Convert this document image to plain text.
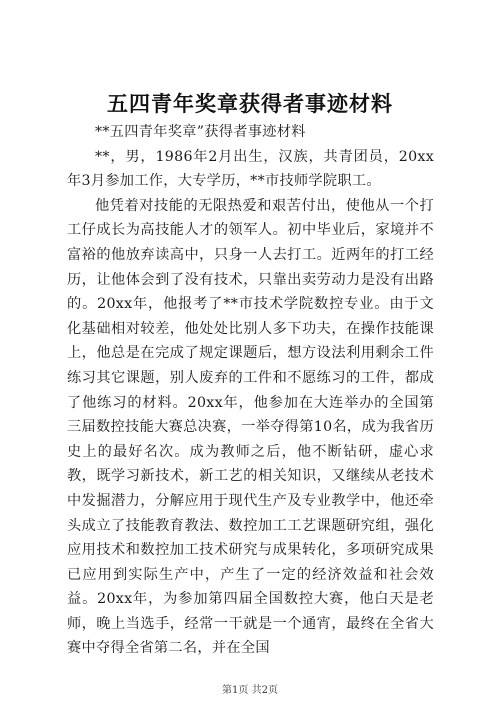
五四青年奖章获得者事迹材料

**五四青年奖章”获得者事迹材料

**，男，1986年2月出生，汉族，共青团员，20xx年3月参加工作，大专学历，**市技师学院职工。

他凭着对技能的无限热爱和艰苦付出，使他从一个打工仔成长为高技能人才的领军人。初中毕业后，家境并不富裕的他放弃读高中，只身一人去打工。近两年的打工经历，让他体会到了没有技术，只靠出卖劳动力是没有出路的。20xx年，他报考了**市技术学院数控专业。由于文化基础相对较差，他处处比别人多下功夫，在操作技能课上，他总是在完成了规定课题后，想方设法利用剩余工件练习其它课题，别人废弃的工件和不愿练习的工件，都成了他练习的材料。20xx年，他参加在大连举办的全国第三届数控技能大赛总决赛，一举夺得第10名，成为我省历史上的最好名次。成为教师之后，他不断钻研，虚心求教，既学习新技术，新工艺的相关知识，又继续从老技术中发掘潜力，分解应用于现代生产及专业教学中，他还牵头成立了技能教育教法、数控加工工艺课题研究组，强化应用技术和数控加工技术研究与成果转化，多项研究成果已应用到实际生产中，产生了一定的经济效益和社会效益。20xx年，为参加第四届全国数控大赛，他白天是老师，晚上当选手，经常一干就是一个通宵，最终在全省大赛中夺得全省第二名，并在全国

第1页 共2页
